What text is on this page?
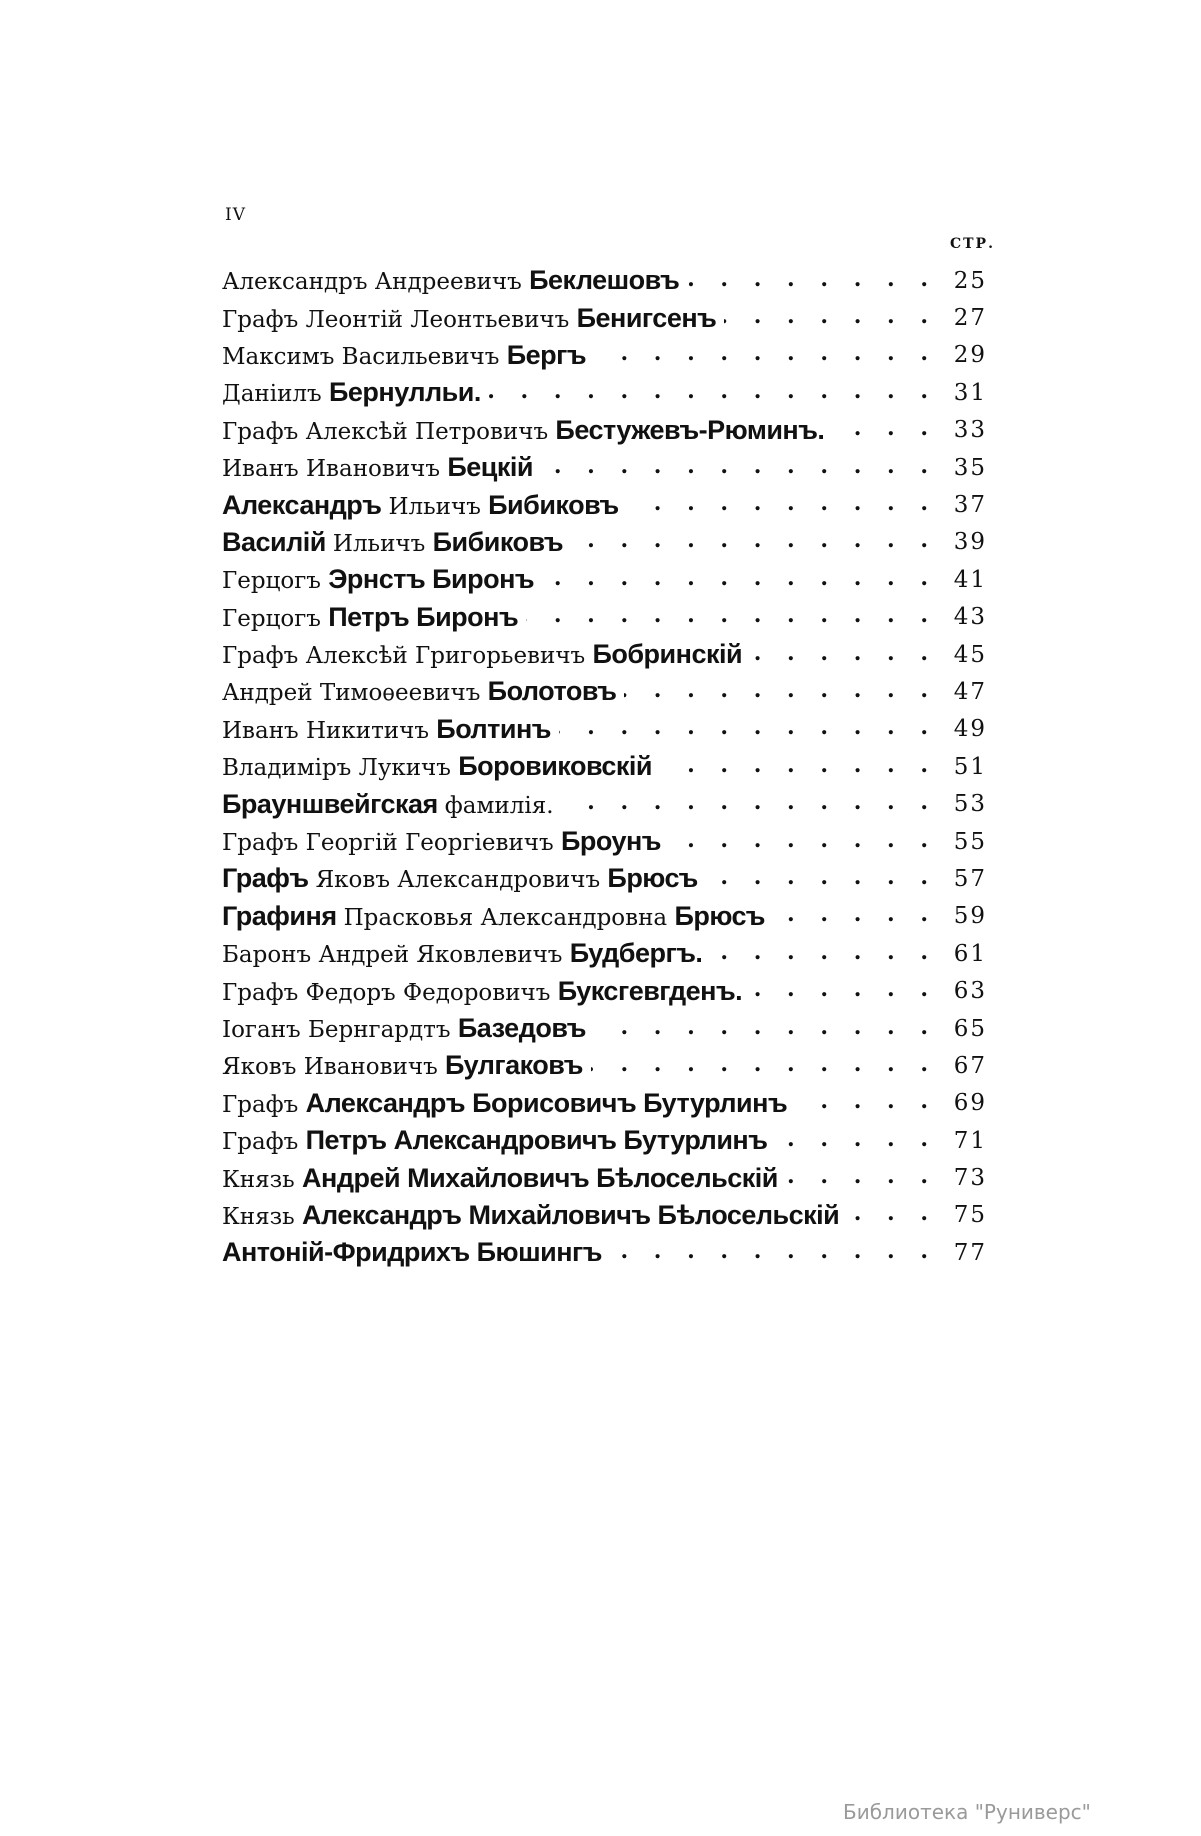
IV
СТР.
Александръ Андреевичъ Беклешовъ . . .	25
Графъ Леонтій Леонтьевичъ Бенигсенъ . . .	27
Максимъ Васильевичъ Бергъ . . .	29
Даніилъ Бернулльи. . . .	31
Графъ Алексѣй Петровичъ Бестужевъ-Рюминъ. . . .	33
Иванъ Ивановичъ Бецкій . . .	35
Александръ Ильичъ Бибиковъ . . .	37
Василій Ильичъ Бибиковъ . . .	39
Герцогъ Эрнстъ Биронъ . . .	41
Герцогъ Петръ Биронъ . . .	43
Графъ Алексѣй Григорьевичъ Бобринскій . . .	45
Андрей Тимоѳеевичъ Болотовъ . . .	47
Иванъ Никитичъ Болтинъ . . .	49
Владиміръ Лукичъ Боровиковскій . . .	51
Брауншвейгская фамилія. . . .	53
Графъ Георгій Георгіевичъ Броунъ . . .	55
Графъ Яковъ Александровичъ Брюсъ . . .	57
Графиня Прасковья Александровна Брюсъ . . .	59
Баронъ Андрей Яковлевичъ Будбергъ. . . .	61
Графъ Федоръ Федоровичъ Буксгевгденъ. . . .	63
Іоганъ Бернгардтъ Базедовъ . . .	65
Яковъ Ивановичъ Булгаковъ . . .	67
Графъ Александръ Борисовичъ Бутурлинъ . . .	69
Графъ Петръ Александровичъ Бутурлинъ . . .	71
Князь Андрей Михайловичъ Бѣлосельскій . . .	73
Князь Александръ Михайловичъ Бѣлосельскій . . .	75
Антоній-Фридрихъ Бюшингъ . . .	77
Библиотека "Руниверс"
